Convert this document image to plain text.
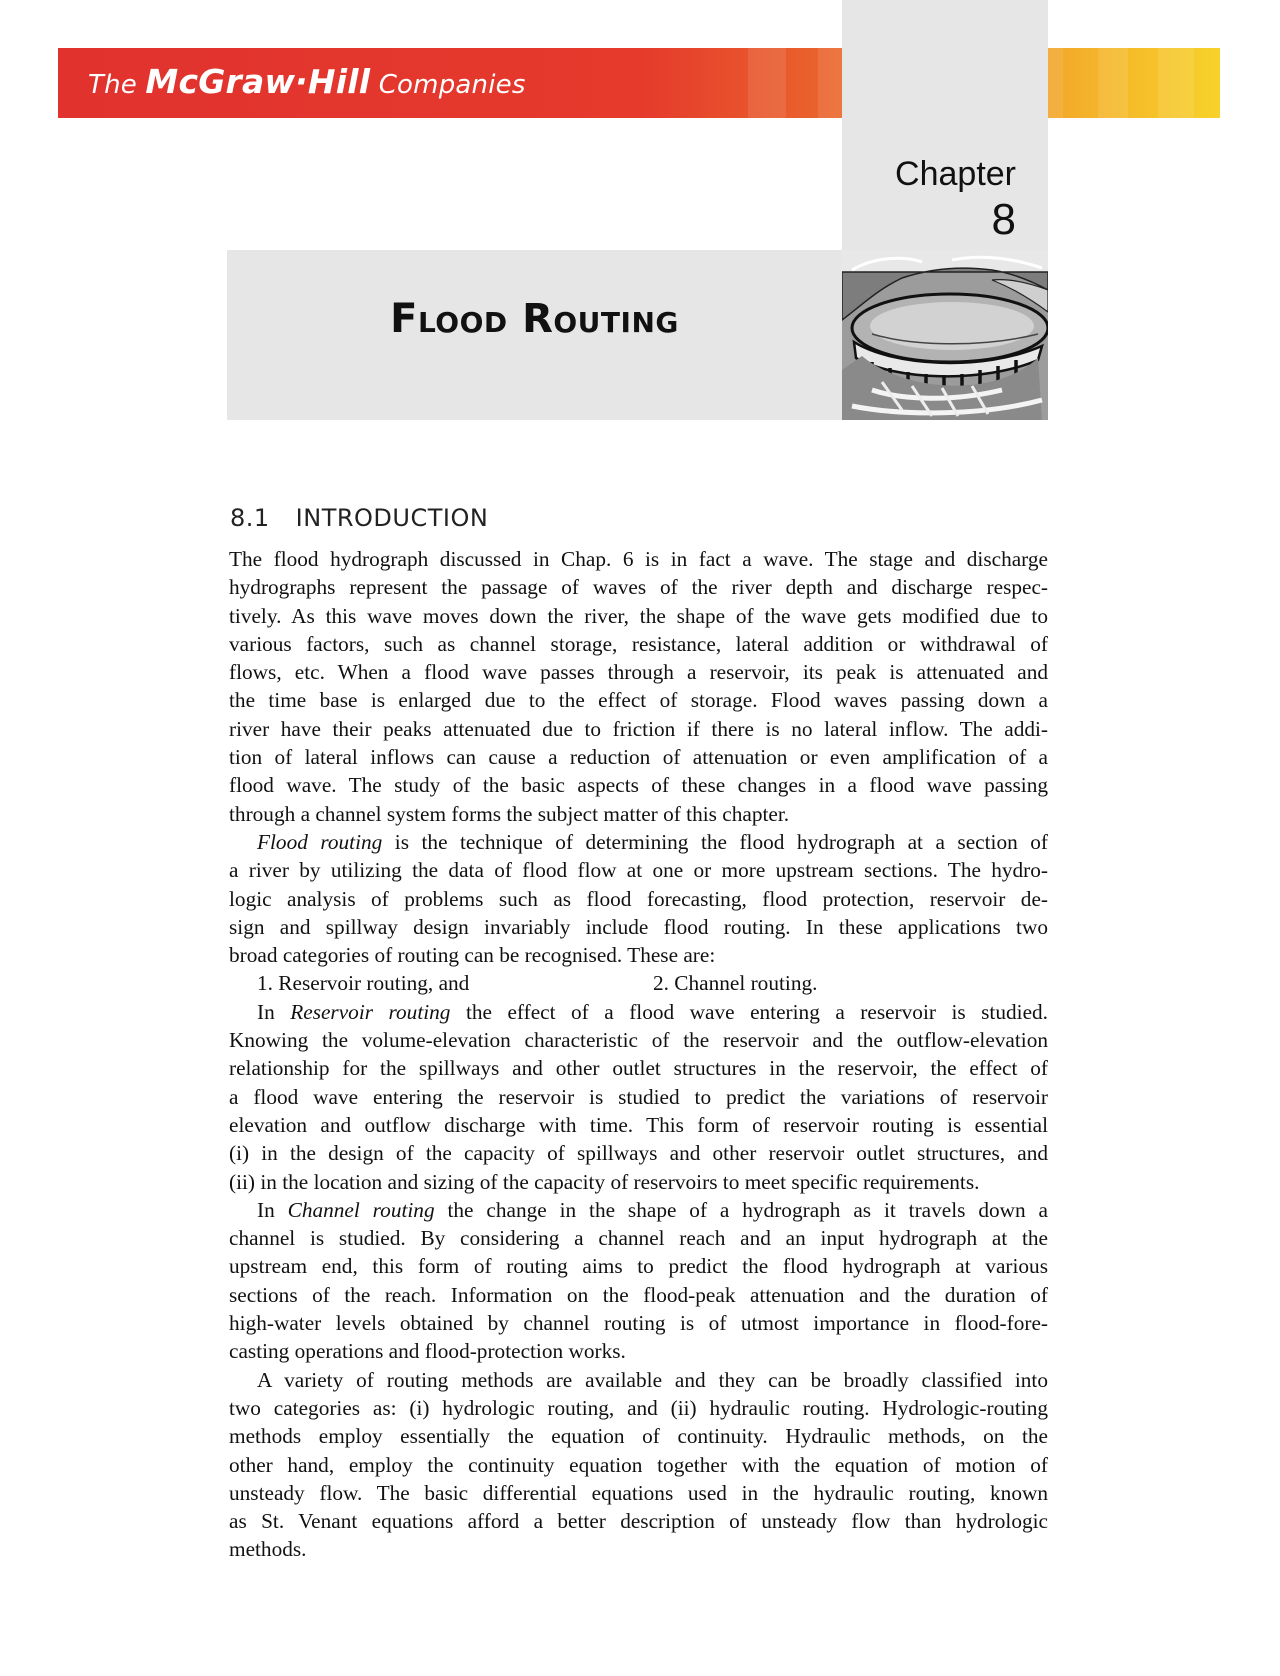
The McGraw·Hill Companies
Chapter
8
Flood Routing
8.1 INTRODUCTION
The flood hydrograph discussed in Chap. 6 is in fact a wave. The stage and discharge
hydrographs represent the passage of waves of the river depth and discharge respec-
tively. As this wave moves down the river, the shape of the wave gets modified due to
various factors, such as channel storage, resistance, lateral addition or withdrawal of
flows, etc. When a flood wave passes through a reservoir, its peak is attenuated and
the time base is enlarged due to the effect of storage. Flood waves passing down a
river have their peaks attenuated due to friction if there is no lateral inflow. The addi-
tion of lateral inflows can cause a reduction of attenuation or even amplification of a
flood wave. The study of the basic aspects of these changes in a flood wave passing
through a channel system forms the subject matter of this chapter.
Flood routing is the technique of determining the flood hydrograph at a section of
a river by utilizing the data of flood flow at one or more upstream sections. The hydro-
logic analysis of problems such as flood forecasting, flood protection, reservoir de-
sign and spillway design invariably include flood routing. In these applications two
broad categories of routing can be recognised. These are:
1. Reservoir routing, and	2. Channel routing.
In Reservoir routing the effect of a flood wave entering a reservoir is studied.
Knowing the volume-elevation characteristic of the reservoir and the outflow-elevation
relationship for the spillways and other outlet structures in the reservoir, the effect of
a flood wave entering the reservoir is studied to predict the variations of reservoir
elevation and outflow discharge with time. This form of reservoir routing is essential
(i) in the design of the capacity of spillways and other reservoir outlet structures, and
(ii) in the location and sizing of the capacity of reservoirs to meet specific requirements.
In Channel routing the change in the shape of a hydrograph as it travels down a
channel is studied. By considering a channel reach and an input hydrograph at the
upstream end, this form of routing aims to predict the flood hydrograph at various
sections of the reach. Information on the flood-peak attenuation and the duration of
high-water levels obtained by channel routing is of utmost importance in flood-fore-
casting operations and flood-protection works.
A variety of routing methods are available and they can be broadly classified into
two categories as: (i) hydrologic routing, and (ii) hydraulic routing. Hydrologic-routing
methods employ essentially the equation of continuity. Hydraulic methods, on the
other hand, employ the continuity equation together with the equation of motion of
unsteady flow. The basic differential equations used in the hydraulic routing, known
as St. Venant equations afford a better description of unsteady flow than hydrologic
methods.
